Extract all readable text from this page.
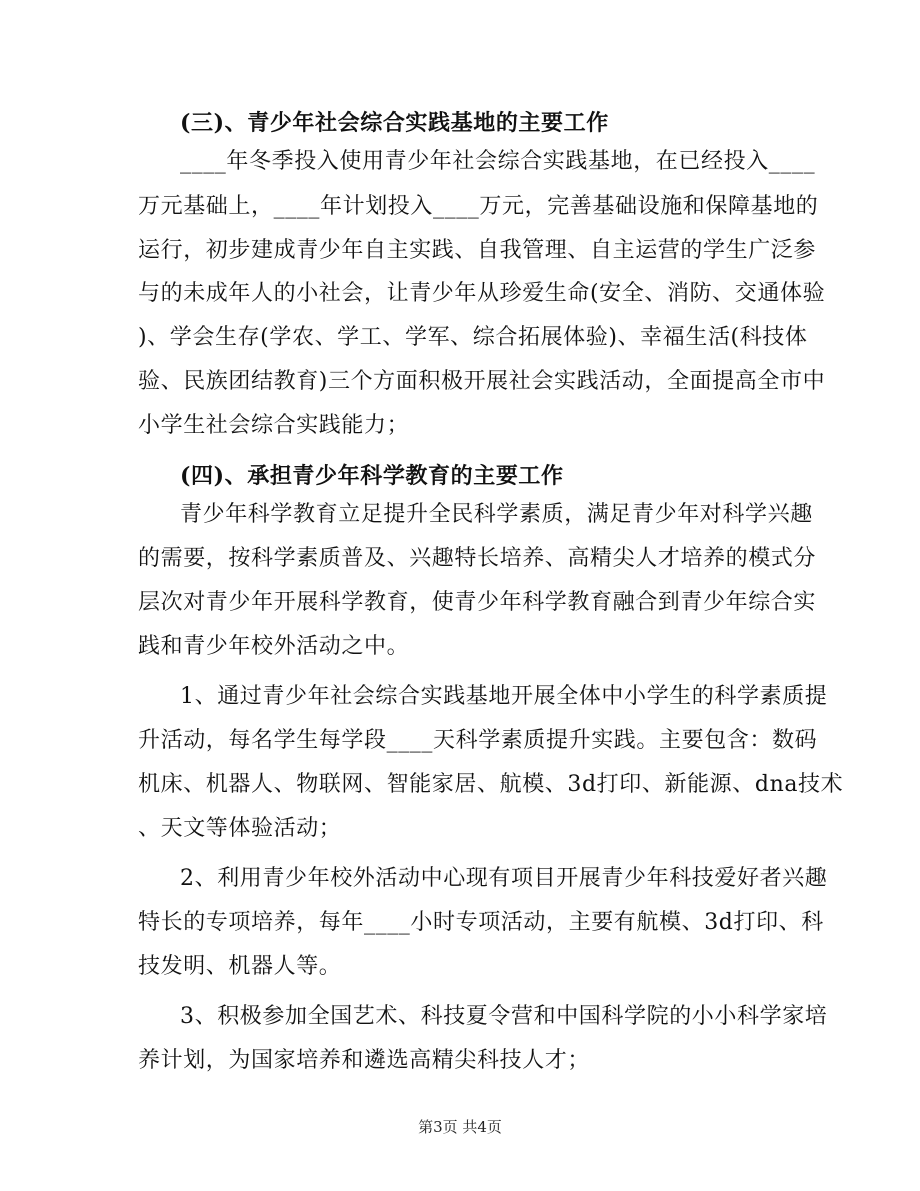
(三)、青少年社会综合实践基地的主要工作
____年冬季投入使用青少年社会综合实践基地，在已经投入____
万元基础上，____年计划投入____万元，完善基础设施和保障基地的
运行，初步建成青少年自主实践、自我管理、自主运营的学生广泛参
与的未成年人的小社会，让青少年从珍爱生命(安全、消防、交通体验
)、学会生存(学农、学工、学军、综合拓展体验)、幸福生活(科技体
验、民族团结教育)三个方面积极开展社会实践活动，全面提高全市中
小学生社会综合实践能力；
(四)、承担青少年科学教育的主要工作
青少年科学教育立足提升全民科学素质，满足青少年对科学兴趣
的需要，按科学素质普及、兴趣特长培养、高精尖人才培养的模式分
层次对青少年开展科学教育，使青少年科学教育融合到青少年综合实
践和青少年校外活动之中。
1、通过青少年社会综合实践基地开展全体中小学生的科学素质提
升活动，每名学生每学段____天科学素质提升实践。主要包含：数码
机床、机器人、物联网、智能家居、航模、3d打印、新能源、dna技术
、天文等体验活动；
2、利用青少年校外活动中心现有项目开展青少年科技爱好者兴趣
特长的专项培养，每年____小时专项活动，主要有航模、3d打印、科
技发明、机器人等。
3、积极参加全国艺术、科技夏令营和中国科学院的小小科学家培
养计划，为国家培养和遴选高精尖科技人才；
第3页 共4页
